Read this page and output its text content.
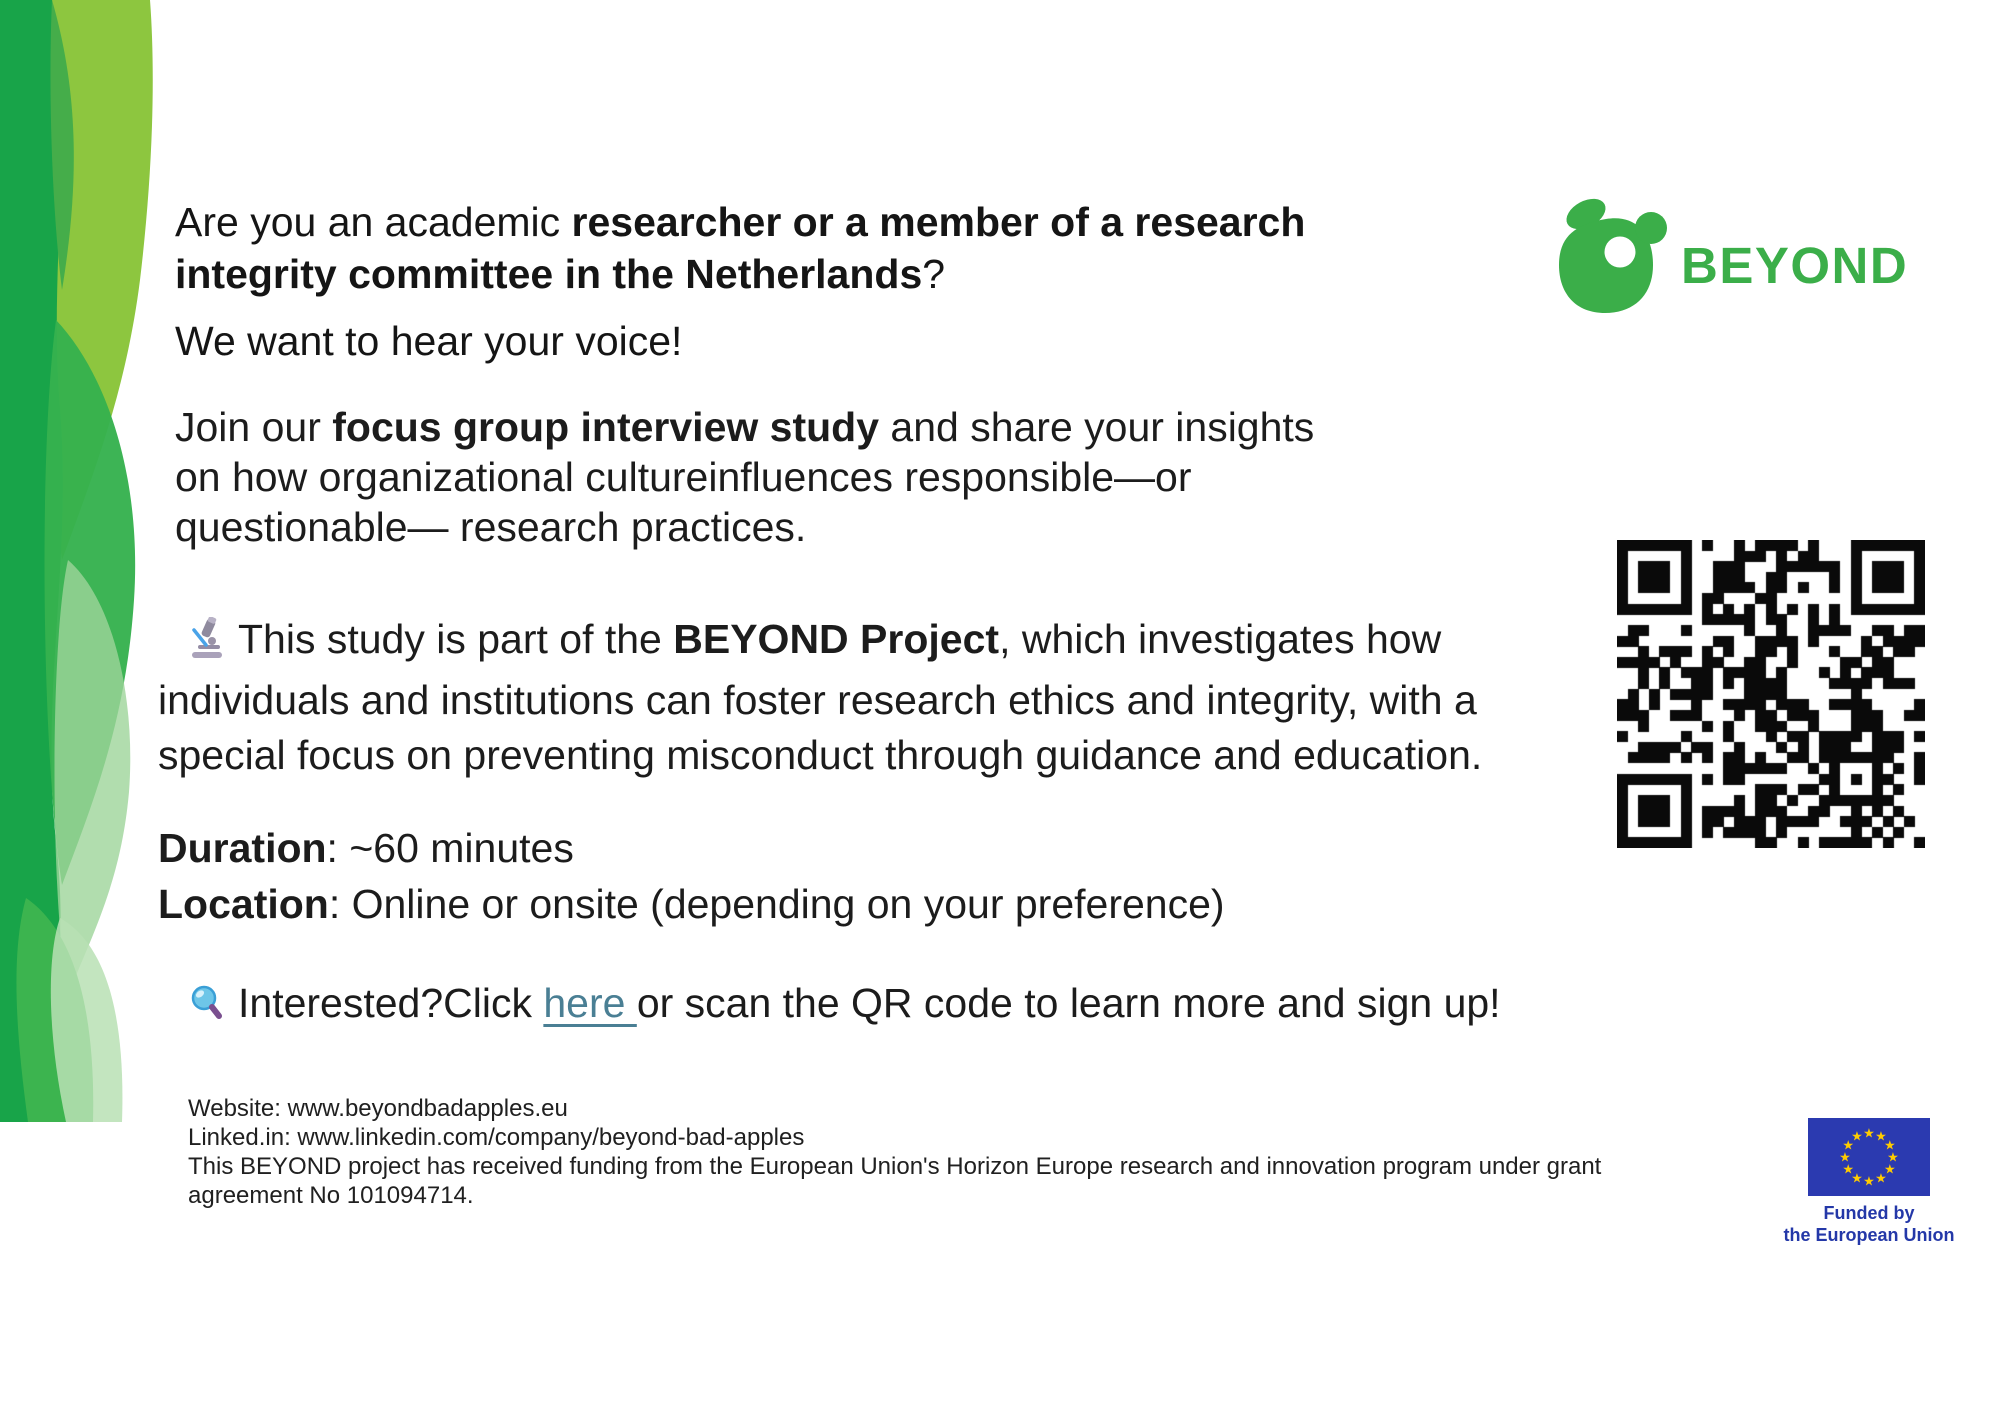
BEYOND
Are you an academic researcher or a member of a research
integrity committee in the Netherlands?
We want to hear your voice!
Join our focus group interview study and share your insights
on how organizational cultureinfluences responsible—or
questionable— research practices.
This study is part of the BEYOND Project, which investigates how
individuals and institutions can foster research ethics and integrity, with a
special focus on preventing misconduct through guidance and education.
Duration: ~60 minutes
Location: Online or onsite (depending on your preference)
Interested?Click here or scan the QR code to learn more and sign up!
Website: www.beyondbadapples.eu
Linked.in: www.linkedin.com/company/beyond-bad-apples
This BEYOND project has received funding from the European Union's Horizon Europe research and innovation program under grant
agreement No 101094714.
★ ★
★
★
★
★
★
★
★
★
★
★
Funded by
the European Union
